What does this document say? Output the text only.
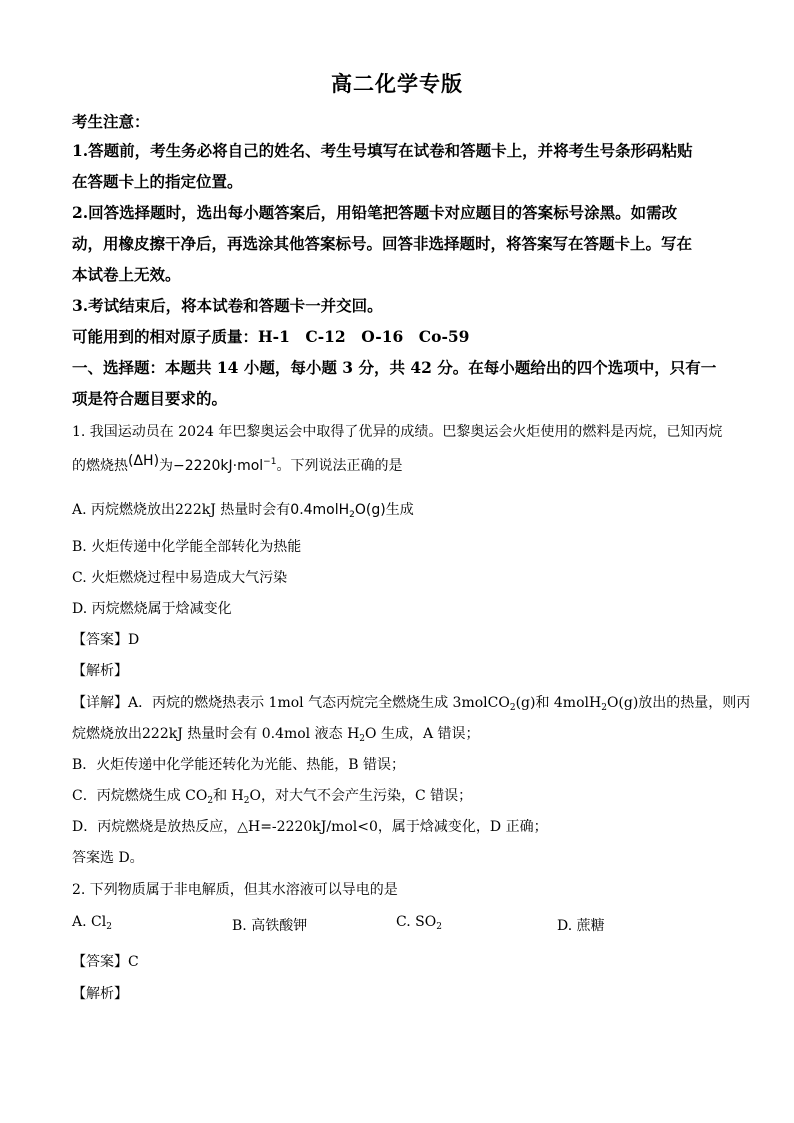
高二化学专版
考生注意：
1.答题前，考生务必将自己的姓名、考生号填写在试卷和答题卡上，并将考生号条形码粘贴
在答题卡上的指定位置。
2.回答选择题时，选出每小题答案后，用铅笔把答题卡对应题目的答案标号涂黑。如需改
动，用橡皮擦干净后，再选涂其他答案标号。回答非选择题时，将答案写在答题卡上。写在
本试卷上无效。
3.考试结束后，将本试卷和答题卡一并交回。
可能用到的相对原子质量：H-1　C-12　O-16　Co-59
一、选择题：本题共 14 小题，每小题 3 分，共 42 分。在每小题给出的四个选项中，只有一
项是符合题目要求的。
1. 我国运动员在 2024 年巴黎奥运会中取得了优异的成绩。巴黎奥运会火炬使用的燃料是丙烷，已知丙烷
的燃烧热(ΔH)为−2220kJ·mol$^{-1}$。下列说法正确的是
A. 丙烷燃烧放出222kJ 热量时会有0.4molH$_2$O(g)生成
B. 火炬传递中化学能全部转化为热能
C. 火炬燃烧过程中易造成大气污染
D. 丙烷燃烧属于焓减变化
【答案】D
【解析】
【详解】A．丙烷的燃烧热表示 1mol 气态丙烷完全燃烧生成 3molCO$_2$(g)和 4molH$_2$O(g)放出的热量，则丙
烷燃烧放出222kJ 热量时会有 0.4mol 液态 $H_2O$ 生成，A 错误；
B．火炬传递中化学能还转化为光能、热能，B 错误；
C．丙烷燃烧生成 $CO_2$和 $H_2O$，对大气不会产生污染，C 错误；
D．丙烷燃烧是放热反应，△H=-2220kJ/mol<0，属于焓减变化，D 正确；
答案选 D。
2. 下列物质属于非电解质，但其水溶液可以导电的是
A. $Cl_2$	B. 高铁酸钾	C. $SO_2$	D. 蔗糖
【答案】C
【解析】
